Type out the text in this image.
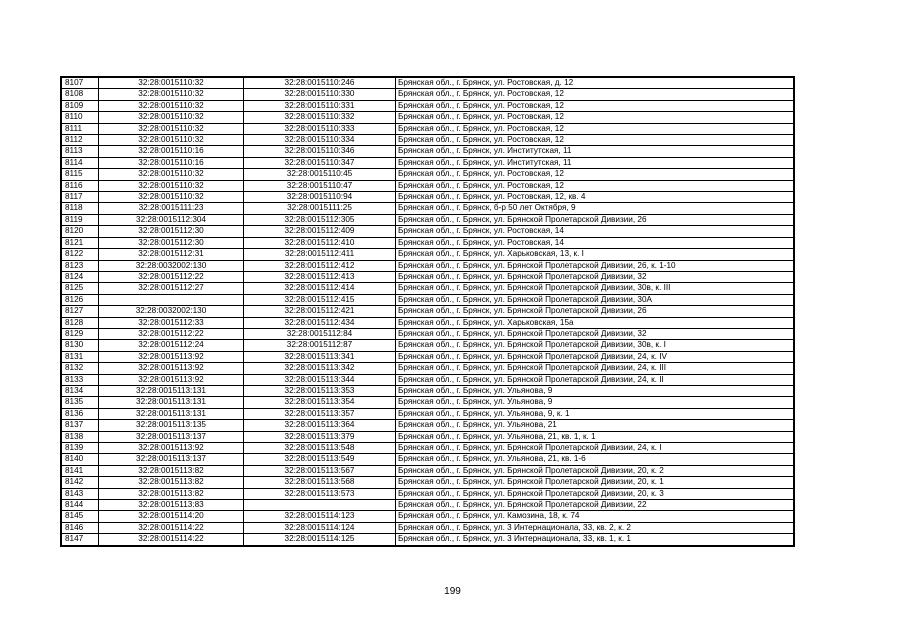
8107	32:28:0015110:32	32:28:0015110:246	Брянская обл., г. Брянск, ул. Ростовская, д. 12
8108	32:28:0015110:32	32:28:0015110:330	Брянская обл., г. Брянск, ул. Ростовская, 12
8109	32:28:0015110:32	32:28:0015110:331	Брянская обл., г. Брянск, ул. Ростовская, 12
8110	32:28:0015110:32	32:28:0015110:332	Брянская обл., г. Брянск, ул. Ростовская, 12
8111	32:28:0015110:32	32:28:0015110:333	Брянская обл., г. Брянск, ул. Ростовская, 12
8112	32:28:0015110:32	32:28:0015110:334	Брянская обл., г. Брянск, ул. Ростовская, 12
8113	32:28:0015110:16	32:28:0015110:346	Брянская обл., г. Брянск, ул. Институтская, 11
8114	32:28:0015110:16	32:28:0015110:347	Брянская обл., г. Брянск, ул. Институтская, 11
8115	32:28:0015110:32	32:28:0015110:45	Брянская обл., г. Брянск, ул. Ростовская, 12
8116	32:28:0015110:32	32:28:0015110:47	Брянская обл., г. Брянск, ул. Ростовская, 12
8117	32:28:0015110:32	32:28:0015110:94	Брянская обл., г. Брянск, ул. Ростовская, 12, кв. 4
8118	32:28:0015111:23	32:28:0015111:25	Брянская обл., г. Брянск, б-р 50 лет Октября, 9
8119	32:28:0015112:304	32:28:0015112:305	Брянская обл., г. Брянск, ул. Брянской Пролетарской Дивизии, 26
8120	32:28:0015112:30	32:28:0015112:409	Брянская обл., г. Брянск, ул. Ростовская, 14
8121	32:28:0015112:30	32:28:0015112:410	Брянская обл., г. Брянск, ул. Ростовская, 14
8122	32:28:0015112:31	32:28:0015112:411	Брянская обл., г. Брянск, ул. Харьковская, 13, к. I
8123	32:28:0032002:130	32:28:0015112:412	Брянская обл., г. Брянск, ул. Брянской Пролетарской Дивизии, 26, к. 1-10
8124	32:28:0015112:22	32:28:0015112:413	Брянская обл., г. Брянск, ул. Брянской Пролетарской Дивизии, 32
8125	32:28:0015112:27	32:28:0015112:414	Брянская обл., г. Брянск, ул. Брянской Пролетарской Дивизии, 30в, к. III
8126		32:28:0015112:415	Брянская обл., г. Брянск, ул. Брянской Пролетарской Дивизии, 30А
8127	32:28:0032002:130	32:28:0015112:421	Брянская обл., г. Брянск, ул. Брянской Пролетарской Дивизии, 26
8128	32:28:0015112:33	32:28:0015112:434	Брянская обл., г. Брянск, ул. Харьковская, 15а
8129	32:28:0015112:22	32:28:0015112:84	Брянская обл., г. Брянск, ул. Брянской Пролетарской Дивизии, 32
8130	32:28:0015112:24	32:28:0015112:87	Брянская обл., г. Брянск, ул. Брянской Пролетарской Дивизии, 30в, к. I
8131	32:28:0015113:92	32:28:0015113:341	Брянская обл., г. Брянск, ул. Брянской Пролетарской Дивизии, 24, к. IV
8132	32:28:0015113:92	32:28:0015113:342	Брянская обл., г. Брянск, ул. Брянской Пролетарской Дивизии, 24, к. III
8133	32:28:0015113:92	32:28:0015113:344	Брянская обл., г. Брянск, ул. Брянской Пролетарской Дивизии, 24, к. II
8134	32:28:0015113:131	32:28:0015113:353	Брянская обл., г. Брянск, ул. Ульянова, 9
8135	32:28:0015113:131	32:28:0015113:354	Брянская обл., г. Брянск, ул. Ульянова, 9
8136	32:28:0015113:131	32:28:0015113:357	Брянская обл., г. Брянск, ул. Ульянова, 9, к. 1
8137	32:28:0015113:135	32:28:0015113:364	Брянская обл., г. Брянск, ул. Ульянова, 21
8138	32:28:0015113:137	32:28:0015113:379	Брянская обл., г. Брянск, ул. Ульянова, 21, кв. 1, к. 1
8139	32:28:0015113:92	32:28:0015113:548	Брянская обл., г. Брянск, ул. Брянской Пролетарской Дивизии, 24, к. I
8140	32:28:0015113:137	32:28:0015113:549	Брянская обл., г. Брянск, ул. Ульянова, 21, кв. 1-6
8141	32:28:0015113:82	32:28:0015113:567	Брянская обл., г. Брянск, ул. Брянской Пролетарской Дивизии, 20, к. 2
8142	32:28:0015113:82	32:28:0015113:568	Брянская обл., г. Брянск, ул. Брянской Пролетарской Дивизии, 20, к. 1
8143	32:28:0015113:82	32:28:0015113:573	Брянская обл., г. Брянск, ул. Брянской Пролетарской Дивизии, 20, к. 3
8144	32:28:0015113:83		Брянская обл., г. Брянск, ул. Брянской Пролетарской Дивизии, 22
8145	32:28:0015114:20	32:28:0015114:123	Брянская обл., г. Брянск, ул. Камозина, 18, к. 74
8146	32:28:0015114:22	32:28:0015114:124	Брянская обл., г. Брянск, ул. 3 Интернационала, 33, кв. 2, к. 2
8147	32:28:0015114:22	32:28:0015114:125	Брянская обл., г. Брянск, ул. 3 Интернационала, 33, кв. 1, к. 1
199
